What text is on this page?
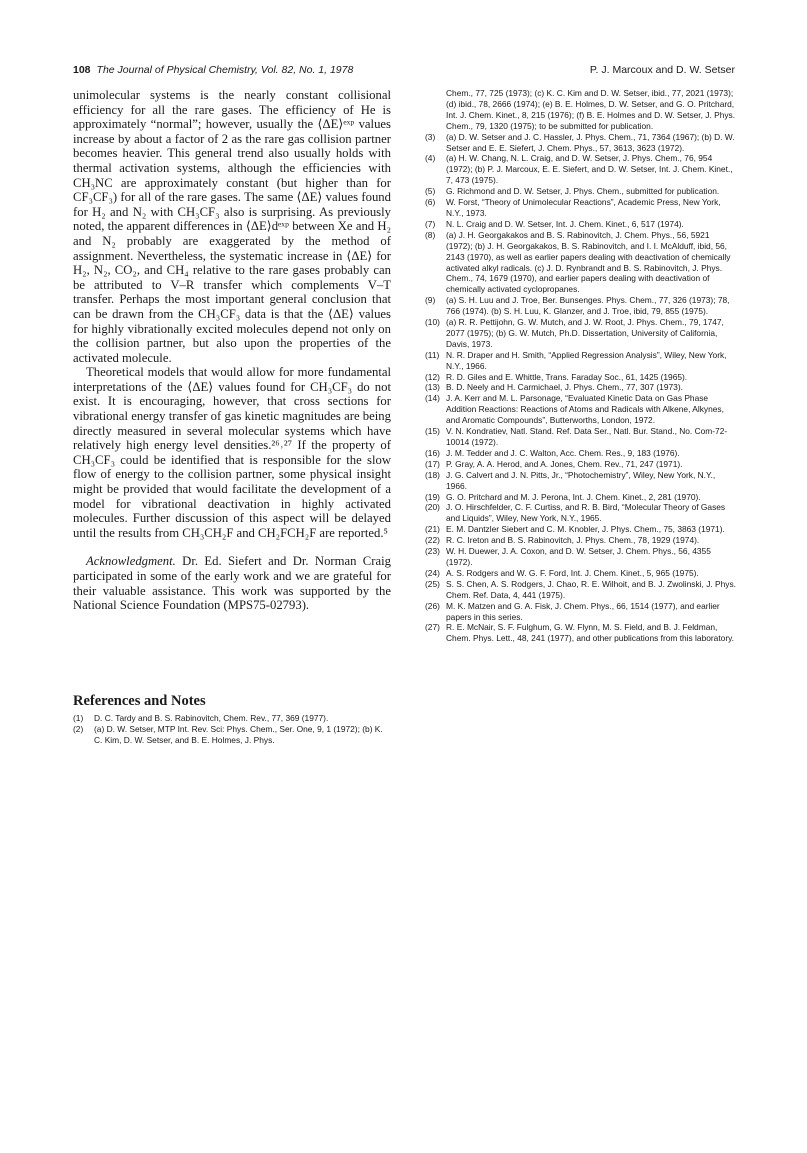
108 The Journal of Physical Chemistry, Vol. 82, No. 1, 1978	P. J. Marcoux and D. W. Setser

unimolecular systems is the nearly constant collisional efficiency for all the rare gases. The efficiency of He is approximately “normal”; however, usually the ⟨ΔE⟩ᵉˣᵖ values increase by about a factor of 2 as the rare gas collision partner becomes heavier. This general trend also usually holds with thermal activation systems, although the efficiencies with CH₃NC are approximately constant (but higher than for CF₃CF₃) for all of the rare gases. The same ⟨ΔE⟩ values found for H₂ and N₂ with CH₃CF₃ also is surprising. As previously noted, the apparent differences in ⟨ΔE⟩dᵉˣᵖ between Xe and H₂ and N₂ probably are exaggerated by the method of assignment. Nevertheless, the systematic increase in ⟨ΔE⟩ for H₂, N₂, CO₂, and CH₄ relative to the rare gases probably can be attributed to V–R transfer which complements V–T transfer. Perhaps the most important general conclusion that can be drawn from the CH₃CF₃ data is that the ⟨ΔE⟩ values for highly vibrationally excited molecules depend not only on the collision partner, but also upon the properties of the activated molecule.

Theoretical models that would allow for more fundamental interpretations of the ⟨ΔE⟩ values found for CH₃CF₃ do not exist. It is encouraging, however, that cross sections for vibrational energy transfer of gas kinetic magnitudes are being directly measured in several molecular systems which have relatively high energy level densities.²⁶˒²⁷ If the property of CH₃CF₃ could be identified that is responsible for the slow flow of energy to the collision partner, some physical insight might be provided that would facilitate the development of a model for vibrational deactivation in highly activated molecules. Further discussion of this aspect will be delayed until the results from CH₃CH₂F and CH₂FCH₂F are reported.⁵

Acknowledgment. Dr. Ed. Siefert and Dr. Norman Craig participated in some of the early work and we are grateful for their valuable assistance. This work was supported by the National Science Foundation (MPS75-02793).

References and Notes
(1)	D. C. Tardy and B. S. Rabinovitch, Chem. Rev., 77, 369 (1977).
(2)	(a) D. W. Setser, MTP Int. Rev. Sci: Phys. Chem., Ser. One, 9, 1 (1972); (b) K. C. Kim, D. W. Setser, and B. E. Holmes, J. Phys.
Chem., 77, 725 (1973); (c) K. C. Kim and D. W. Setser, ibid., 77, 2021 (1973); (d) ibid., 78, 2666 (1974); (e) B. E. Holmes, D. W. Setser, and G. O. Pritchard, Int. J. Chem. Kinet., 8, 215 (1976); (f) B. E. Holmes and D. W. Setser, J. Phys. Chem., 79, 1320 (1975); to be submitted for publication.
(3)	(a) D. W. Setser and J. C. Hassler, J. Phys. Chem., 71, 7364 (1967); (b) D. W. Setser and E. E. Siefert, J. Chem. Phys., 57, 3613, 3623 (1972).
(4)	(a) H. W. Chang, N. L. Craig, and D. W. Setser, J. Phys. Chem., 76, 954 (1972); (b) P. J. Marcoux, E. E. Siefert, and D. W. Setser, Int. J. Chem. Kinet., 7, 473 (1975).
(5)	G. Richmond and D. W. Setser, J. Phys. Chem., submitted for publication.
(6)	W. Forst, “Theory of Unimolecular Reactions”, Academic Press, New York, N.Y., 1973.
(7)	N. L. Craig and D. W. Setser, Int. J. Chem. Kinet., 6, 517 (1974).
(8)	(a) J. H. Georgakakos and B. S. Rabinovitch, J. Chem. Phys., 56, 5921 (1972); (b) J. H. Georgakakos, B. S. Rabinovitch, and I. I. McAlduff, ibid, 56, 2143 (1970), as well as earlier papers dealing with deactivation of chemically activated alkyl radicals. (c) J. D. Rynbrandt and B. S. Rabinovitch, J. Phys. Chem., 74, 1679 (1970), and earlier papers dealing with deactivation of chemically activated cyclopropanes.
(9)	(a) S. H. Luu and J. Troe, Ber. Bunsenges. Phys. Chem., 77, 326 (1973); 78, 766 (1974). (b) S. H. Luu, K. Glanzer, and J. Troe, ibid, 79, 855 (1975).
(10) (a) R. R. Pettijohn, G. W. Mutch, and J. W. Root, J. Phys. Chem., 79, 1747, 2077 (1975); (b) G. W. Mutch, Ph.D. Dissertation, University of California, Davis, 1973.
(11) N. R. Draper and H. Smith, “Applied Regression Analysis”, Wiley, New York, N.Y., 1966.
(12) R. D. Giles and E. Whittle, Trans. Faraday Soc., 61, 1425 (1965).
(13) B. D. Neely and H. Carmichael, J. Phys. Chem., 77, 307 (1973).
(14) J. A. Kerr and M. L. Parsonage, “Evaluated Kinetic Data on Gas Phase Addition Reactions: Reactions of Atoms and Radicals with Alkene, Alkynes, and Aromatic Compounds”, Butterworths, London, 1972.
(15) V. N. Kondratiev, Natl. Stand. Ref. Data Ser., Natl. Bur. Stand., No. Com-72-10014 (1972).
(16) J. M. Tedder and J. C. Walton, Acc. Chem. Res., 9, 183 (1976).
(17) P. Gray, A. A. Herod, and A. Jones, Chem. Rev., 71, 247 (1971).
(18) J. G. Calvert and J. N. Pitts, Jr., “Photochemistry”, Wiley, New York, N.Y., 1966.
(19) G. O. Pritchard and M. J. Perona, Int. J. Chem. Kinet., 2, 281 (1970).
(20) J. O. Hirschfelder, C. F. Curtiss, and R. B. Bird, “Molecular Theory of Gases and Liquids”, Wiley, New York, N.Y., 1965.
(21) E. M. Dantzler Siebert and C. M. Knobler, J. Phys. Chem., 75, 3863 (1971).
(22) R. C. Ireton and B. S. Rabinovitch, J. Phys. Chem., 78, 1929 (1974).
(23) W. H. Duewer, J. A. Coxon, and D. W. Setser, J. Chem. Phys., 56, 4355 (1972).
(24) A. S. Rodgers and W. G. F. Ford, Int. J. Chem. Kinet., 5, 965 (1975).
(25) S. S. Chen, A. S. Rodgers, J. Chao, R. E. Wilhoit, and B. J. Zwolinski, J. Phys. Chem. Ref. Data, 4, 441 (1975).
(26) M. K. Matzen and G. A. Fisk, J. Chem. Phys., 66, 1514 (1977), and earlier papers in this series.
(27) R. E. McNair, S. F. Fulghum, G. W. Flynn, M. S. Field, and B. J. Feldman, Chem. Phys. Lett., 48, 241 (1977), and other publications from this laboratory.
